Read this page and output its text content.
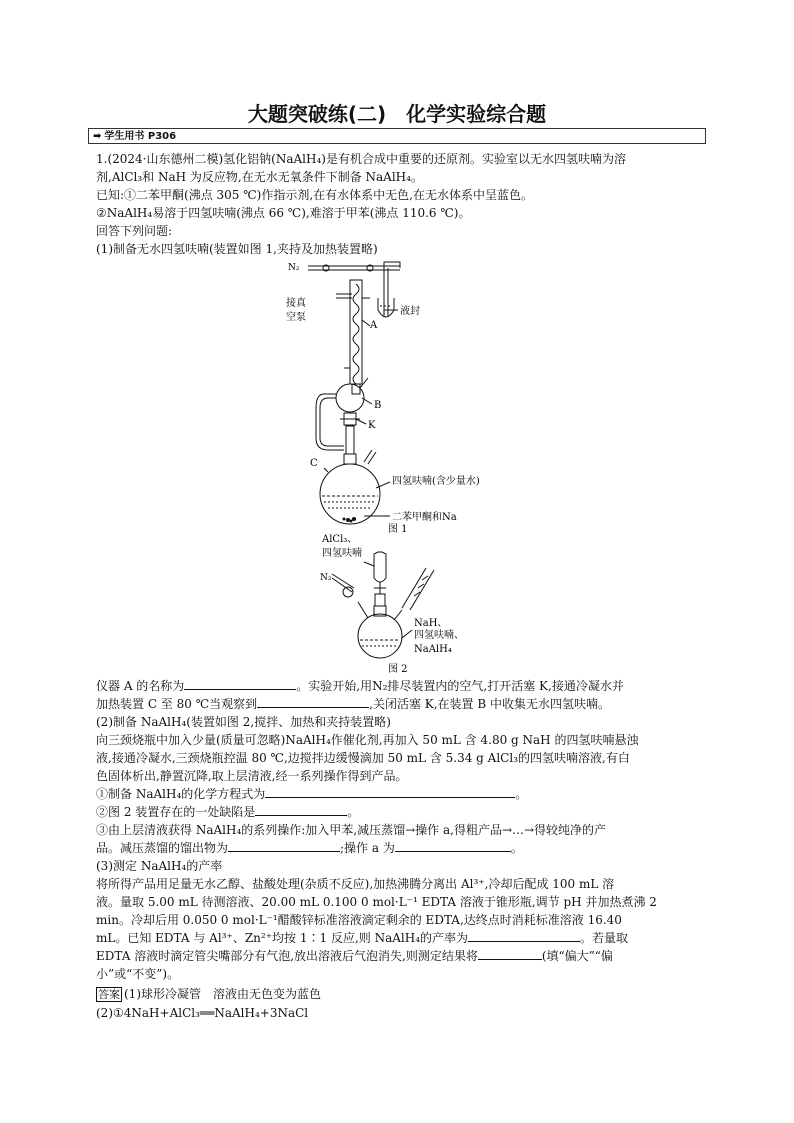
大题突破练(二)　化学实验综合题
➡ 学生用书 P306
1.(2024·山东德州二模)氢化铝钠(NaAlH₄)是有机合成中重要的还原剂。实验室以无水四氢呋喃为溶
剂,AlCl₃和 NaH 为反应物,在无水无氧条件下制备 NaAlH₄。
已知:①二苯甲酮(沸点 305 ℃)作指示剂,在有水体系中无色,在无水体系中呈蓝色。
②NaAlH₄易溶于四氢呋喃(沸点 66 ℃),难溶于甲苯(沸点 110.6 ℃)。
回答下列问题:
(1)制备无水四氢呋喃(装置如图 1,夹持及加热装置略)
N₂
接真
空泵
A
液封
B
K
C
四氢呋喃(含少量水)
二苯甲酮和Na
图 1
AlCl₃、
四氢呋喃
N₂
NaH、
四氢呋喃、
NaAlH₄
图 2
仪器 A 的名称为	。实验开始,用N₂排尽装置内的空气,打开活塞 K,接通冷凝水并
加热装置 C 至 80 ℃当观察到	,关闭活塞 K,在装置 B 中收集无水四氢呋喃。
(2)制备 NaAlH₄(装置如图 2,搅拌、加热和夹持装置略)
向三颈烧瓶中加入少量(质量可忽略)NaAlH₄作催化剂,再加入 50 mL 含 4.80 g NaH 的四氢呋喃悬浊
液,接通冷凝水,三颈烧瓶控温 80 ℃,边搅拌边缓慢滴加 50 mL 含 5.34 g AlCl₃的四氢呋喃溶液,有白
色固体析出,静置沉降,取上层清液,经一系列操作得到产品。
①制备 NaAlH₄的化学方程式为	。
②图 2 装置存在的一处缺陷是	。
③由上层清液获得 NaAlH₄的系列操作:加入甲苯,减压蒸馏→操作 a,得粗产品→…→得较纯净的产
品。减压蒸馏的馏出物为	;操作 a 为	。
(3)测定 NaAlH₄的产率
将所得产品用足量无水乙醇、盐酸处理(杂质不反应),加热沸腾分离出 Al³⁺,冷却后配成 100 mL 溶
液。量取 5.00 mL 待测溶液、20.00 mL 0.100 0 mol·L⁻¹ EDTA 溶液于锥形瓶,调节 pH 并加热煮沸 2
min。冷却后用 0.050 0 mol·L⁻¹醋酸锌标准溶液滴定剩余的 EDTA,达终点时消耗标准溶液 16.40
mL。已知 EDTA 与 Al³⁺、Zn²⁺均按 1∶1 反应,则 NaAlH₄的产率为	。若量取
EDTA 溶液时滴定管尖嘴部分有气泡,放出溶液后气泡消失,则测定结果将	(填“偏大”“偏
小”或“不变”)。
答案 (1)球形冷凝管　溶液由无色变为蓝色
(2)①4NaH+AlCl₃══NaAlH₄+3NaCl
